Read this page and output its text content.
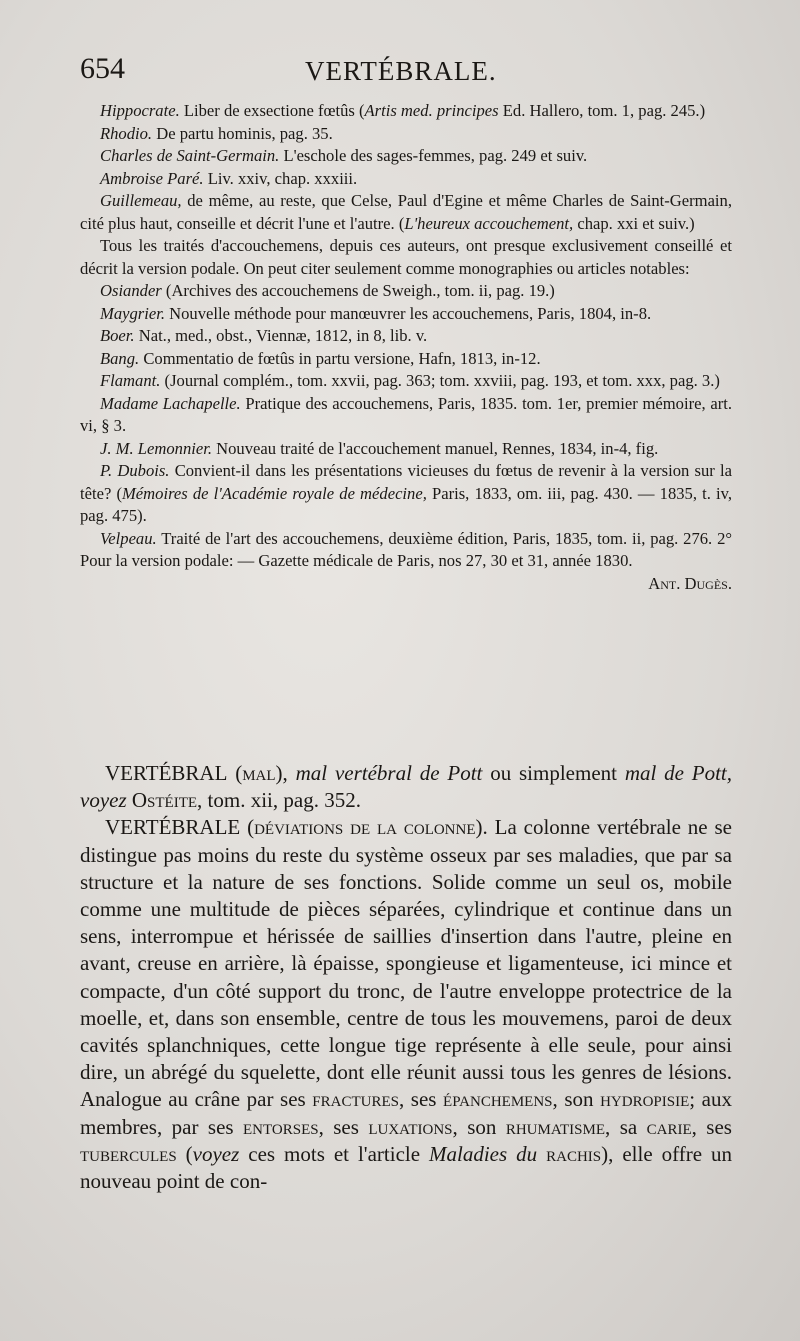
654	VERTÉBRALE.

Hippocrate. Liber de exsectione fœtûs (Artis med. principes Ed. Hallero, tom. 1, pag. 245.)

Rhodio. De partu hominis, pag. 35.

Charles de Saint-Germain. L'eschole des sages-femmes, pag. 249 et suiv.

Ambroise Paré. Liv. xxiv, chap. xxxiii.

Guillemeau, de même, au reste, que Celse, Paul d'Egine et même Charles de Saint-Germain, cité plus haut, conseille et décrit l'une et l'autre. (L'heureux accouchement, chap. xxi et suiv.)

Tous les traités d'accouchemens, depuis ces auteurs, ont presque exclusivement conseillé et décrit la version podale. On peut citer seulement comme monographies ou articles notables:

Osiander (Archives des accouchemens de Sweigh., tom. ii, pag. 19.)

Maygrier. Nouvelle méthode pour manœuvrer les accouchemens, Paris, 1804, in-8.

Boer. Nat., med., obst., Viennæ, 1812, in 8, lib. v.

Bang. Commentatio de fœtûs in partu versione, Hafn, 1813, in-12.

Flamant. (Journal complém., tom. xxvii, pag. 363; tom. xxviii, pag. 193, et tom. xxx, pag. 3.)

Madame Lachapelle. Pratique des accouchemens, Paris, 1835. tom. 1er, premier mémoire, art. vi, § 3.

J. M. Lemonnier. Nouveau traité de l'accouchement manuel, Rennes, 1834, in-4, fig.

P. Dubois. Convient-il dans les présentations vicieuses du fœtus de revenir à la version sur la tête? (Mémoires de l'Académie royale de médecine, Paris, 1833, om. iii, pag. 430. — 1835, t. iv, pag. 475).

Velpeau. Traité de l'art des accouchemens, deuxième édition, Paris, 1835, tom. ii, pag. 276. 2° Pour la version podale: — Gazette médicale de Paris, nos 27, 30 et 31, année 1830.

Ant. Dugès.

VERTÉBRAL (mal), mal vertébral de Pott ou simplement mal de Pott, voyez Ostéite, tom. xii, pag. 352.

VERTÉBRALE (déviations de la colonne). La colonne vertébrale ne se distingue pas moins du reste du système osseux par ses maladies, que par sa structure et la nature de ses fonctions. Solide comme un seul os, mobile comme une multitude de pièces séparées, cylindrique et continue dans un sens, interrompue et hérissée de saillies d'insertion dans l'autre, pleine en avant, creuse en arrière, là épaisse, spongieuse et ligamenteuse, ici mince et compacte, d'un côté support du tronc, de l'autre enveloppe protectrice de la moelle, et, dans son ensemble, centre de tous les mouvemens, paroi de deux cavités splanchniques, cette longue tige représente à elle seule, pour ainsi dire, un abrégé du squelette, dont elle réunit aussi tous les genres de lésions. Analogue au crâne par ses fractures, ses épanchemens, son hydropisie; aux membres, par ses entorses, ses luxations, son rhumatisme, sa carie, ses tubercules (voyez ces mots et l'article Maladies du rachis), elle offre un nouveau point de con-
